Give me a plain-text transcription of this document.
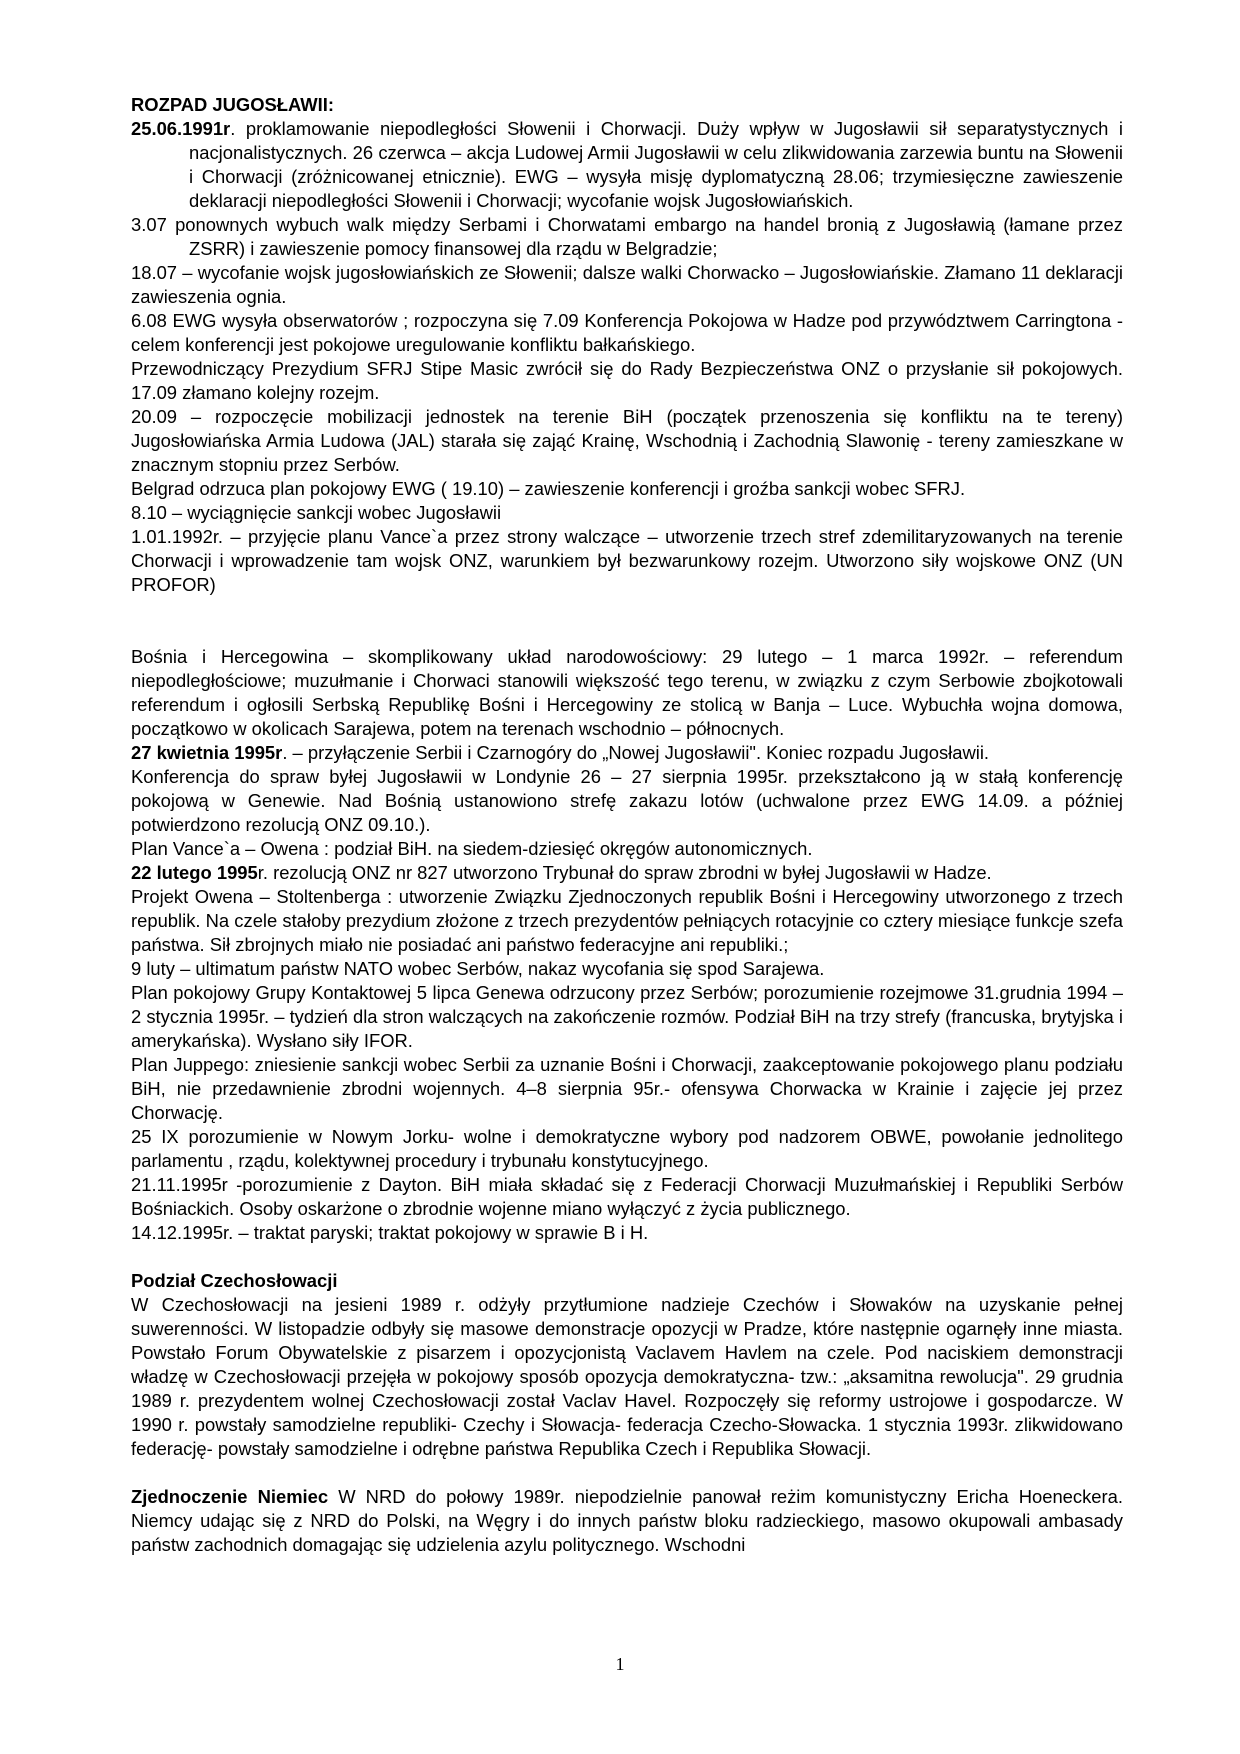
ROZPAD JUGOSŁAWII:

25.06.1991r. proklamowanie niepodległości Słowenii i Chorwacji. Duży wpływ w Jugosławii sił separatystycznych i nacjonalistycznych. 26 czerwca – akcja Ludowej Armii Jugosławii w celu zlikwidowania zarzewia buntu na Słowenii i Chorwacji (zróżnicowanej etnicznie). EWG – wysyła misję dyplomatyczną 28.06; trzymiesięczne zawieszenie deklaracji niepodległości Słowenii i Chorwacji; wycofanie wojsk Jugosłowiańskich.

3.07 ponownych wybuch walk między Serbami i Chorwatami embargo na handel bronią z Jugosławią (łamane przez ZSRR) i zawieszenie pomocy finansowej dla rządu w Belgradzie;

18.07 – wycofanie wojsk jugosłowiańskich ze Słowenii; dalsze walki Chorwacko – Jugosłowiańskie. Złamano 11 deklaracji zawieszenia ognia.

6.08 EWG wysyła obserwatorów ; rozpoczyna się 7.09 Konferencja Pokojowa w Hadze pod przywództwem Carringtona - celem konferencji jest pokojowe uregulowanie konfliktu bałkańskiego.

Przewodniczący Prezydium SFRJ Stipe Masic zwrócił się do Rady Bezpieczeństwa ONZ o przysłanie sił pokojowych. 17.09 złamano kolejny rozejm.

20.09 – rozpoczęcie mobilizacji jednostek na terenie BiH (początek przenoszenia się konfliktu na te tereny) Jugosłowiańska Armia Ludowa (JAL) starała się zająć Krainę, Wschodnią i Zachodnią Slawonię - tereny zamieszkane w znacznym stopniu przez Serbów.

Belgrad odrzuca plan pokojowy EWG ( 19.10) – zawieszenie konferencji i groźba sankcji wobec SFRJ.

8.10 – wyciągnięcie sankcji wobec Jugosławii

1.01.1992r. – przyjęcie planu Vance`a przez strony walczące – utworzenie trzech stref zdemilitaryzowanych na terenie Chorwacji i wprowadzenie tam wojsk ONZ, warunkiem był bezwarunkowy rozejm. Utworzono siły wojskowe ONZ (UN PROFOR)

Bośnia i Hercegowina – skomplikowany układ narodowościowy: 29 lutego – 1 marca 1992r. – referendum niepodległościowe; muzułmanie i Chorwaci stanowili większość tego terenu, w związku z czym Serbowie zbojkotowali referendum i ogłosili Serbską Republikę Bośni i Hercegowiny ze stolicą w Banja – Luce. Wybuchła wojna domowa, początkowo w okolicach Sarajewa, potem na terenach wschodnio – północnych.

27 kwietnia 1995r. – przyłączenie Serbii i Czarnogóry do „Nowej Jugosławii". Koniec rozpadu Jugosławii.

Konferencja do spraw byłej Jugosławii w Londynie 26 – 27 sierpnia 1995r. przekształcono ją w stałą konferencję pokojową w Genewie. Nad Bośnią ustanowiono strefę zakazu lotów (uchwalone przez EWG 14.09. a później potwierdzono rezolucją ONZ 09.10.).

Plan Vance`a – Owena : podział BiH. na siedem-dziesięć okręgów autonomicznych.

22 lutego 1995r. rezolucją ONZ nr 827 utworzono Trybunał do spraw zbrodni w byłej Jugosławii w Hadze.

Projekt Owena – Stoltenberga : utworzenie Związku Zjednoczonych republik Bośni i Hercegowiny utworzonego z trzech republik. Na czele stałoby prezydium złożone z trzech prezydentów pełniących rotacyjnie co cztery miesiące funkcje szefa państwa. Sił zbrojnych miało nie posiadać ani państwo federacyjne ani republiki.;

9 luty – ultimatum państw NATO wobec Serbów, nakaz wycofania się spod Sarajewa.

Plan pokojowy Grupy Kontaktowej 5 lipca Genewa odrzucony przez Serbów; porozumienie rozejmowe 31.grudnia 1994 – 2 stycznia 1995r. – tydzień dla stron walczących na zakończenie rozmów. Podział BiH na trzy strefy (francuska, brytyjska i amerykańska). Wysłano siły IFOR.

Plan Juppego: zniesienie sankcji wobec Serbii za uznanie Bośni i Chorwacji, zaakceptowanie pokojowego planu podziału BiH, nie przedawnienie zbrodni wojennych. 4–8 sierpnia 95r.- ofensywa Chorwacka w Krainie i zajęcie jej przez Chorwację.

25 IX porozumienie w Nowym Jorku- wolne i demokratyczne wybory pod nadzorem OBWE, powołanie jednolitego parlamentu , rządu, kolektywnej procedury i trybunału konstytucyjnego.

21.11.1995r -porozumienie z Dayton. BiH miała składać się z Federacji Chorwacji Muzułmańskiej i Republiki Serbów Bośniackich. Osoby oskarżone o zbrodnie wojenne miano wyłączyć z życia publicznego.

14.12.1995r. – traktat paryski; traktat pokojowy w sprawie B i H.

Podział Czechosłowacji

W Czechosłowacji na jesieni 1989 r. odżyły przytłumione nadzieje Czechów i Słowaków na uzyskanie pełnej suwerenności. W listopadzie odbyły się masowe demonstracje opozycji w Pradze, które następnie ogarnęły inne miasta. Powstało Forum Obywatelskie z pisarzem i opozycjonistą Vaclavem Havlem na czele. Pod naciskiem demonstracji władzę w Czechosłowacji przejęła w pokojowy sposób opozycja demokratyczna- tzw.: „aksamitna rewolucja". 29 grudnia 1989 r. prezydentem wolnej Czechosłowacji został Vaclav Havel. Rozpoczęły się reformy ustrojowe i gospodarcze. W 1990 r. powstały samodzielne republiki- Czechy i Słowacja- federacja Czecho-Słowacka. 1 stycznia 1993r. zlikwidowano federację- powstały samodzielne i odrębne państwa Republika Czech i Republika Słowacji.

Zjednoczenie Niemiec W NRD do połowy 1989r. niepodzielnie panował reżim komunistyczny Ericha Hoeneckera. Niemcy udając się z NRD do Polski, na Węgry i do innych państw bloku radzieckiego, masowo okupowali ambasady państw zachodnich domagając się udzielenia azylu politycznego. Wschodni

1
